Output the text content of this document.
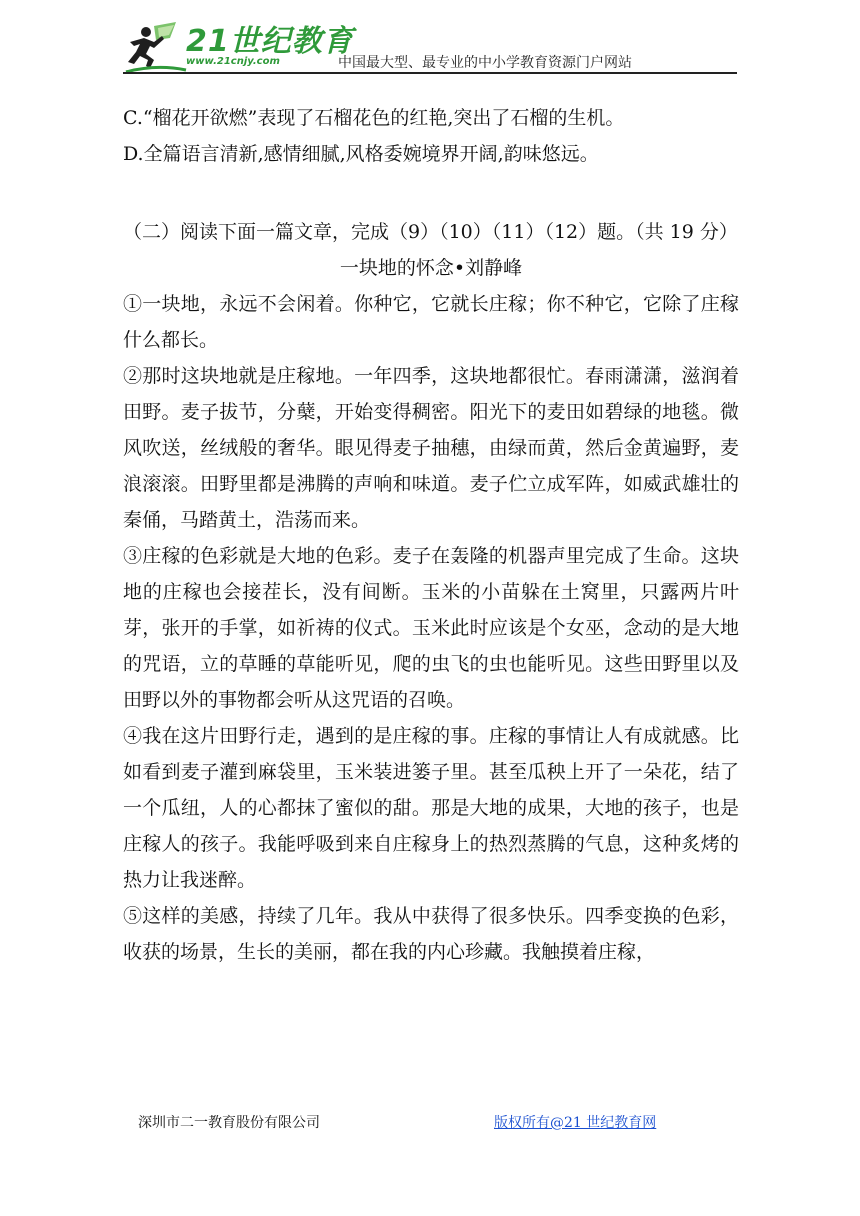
21世纪教育
www.21cnjy.com	中国最大型、最专业的中小学教育资源门户网站
C.“榴花开欲燃”表现了石榴花色的红艳,突出了石榴的生机。
D.全篇语言清新,感情细腻,风格委婉境界开阔,韵味悠远。
（二）阅读下面一篇文章，完成（9）（10）（11）（12）题。（共 19 分）
一块地的怀念•刘静峰
①一块地，永远不会闲着。你种它，它就长庄稼；你不种它，它除了庄稼什么都长。
②那时这块地就是庄稼地。一年四季，这块地都很忙。春雨潇潇，滋润着田野。麦子拔节，分蘖，开始变得稠密。阳光下的麦田如碧绿的地毯。微风吹送，丝绒般的奢华。眼见得麦子抽穗，由绿而黄，然后金黄遍野，麦浪滚滚。田野里都是沸腾的声响和味道。麦子伫立成军阵，如威武雄壮的秦俑，马踏黄土，浩荡而来。
③庄稼的色彩就是大地的色彩。麦子在轰隆的机器声里完成了生命。这块地的庄稼也会接茬长，没有间断。玉米的小苗躲在土窝里，只露两片叶芽，张开的手掌，如祈祷的仪式。玉米此时应该是个女巫，念动的是大地的咒语，立的草睡的草能听见，爬的虫飞的虫也能听见。这些田野里以及田野以外的事物都会听从这咒语的召唤。
④我在这片田野行走，遇到的是庄稼的事。庄稼的事情让人有成就感。比如看到麦子灌到麻袋里，玉米装进篓子里。甚至瓜秧上开了一朵花，结了一个瓜纽，人的心都抹了蜜似的甜。那是大地的成果，大地的孩子，也是庄稼人的孩子。我能呼吸到来自庄稼身上的热烈蒸腾的气息，这种炙烤的热力让我迷醉。
⑤这样的美感，持续了几年。我从中获得了很多快乐。四季变换的色彩，收获的场景，生长的美丽，都在我的内心珍藏。我触摸着庄稼，
深圳市二一教育股份有限公司	版权所有@21 世纪教育网
